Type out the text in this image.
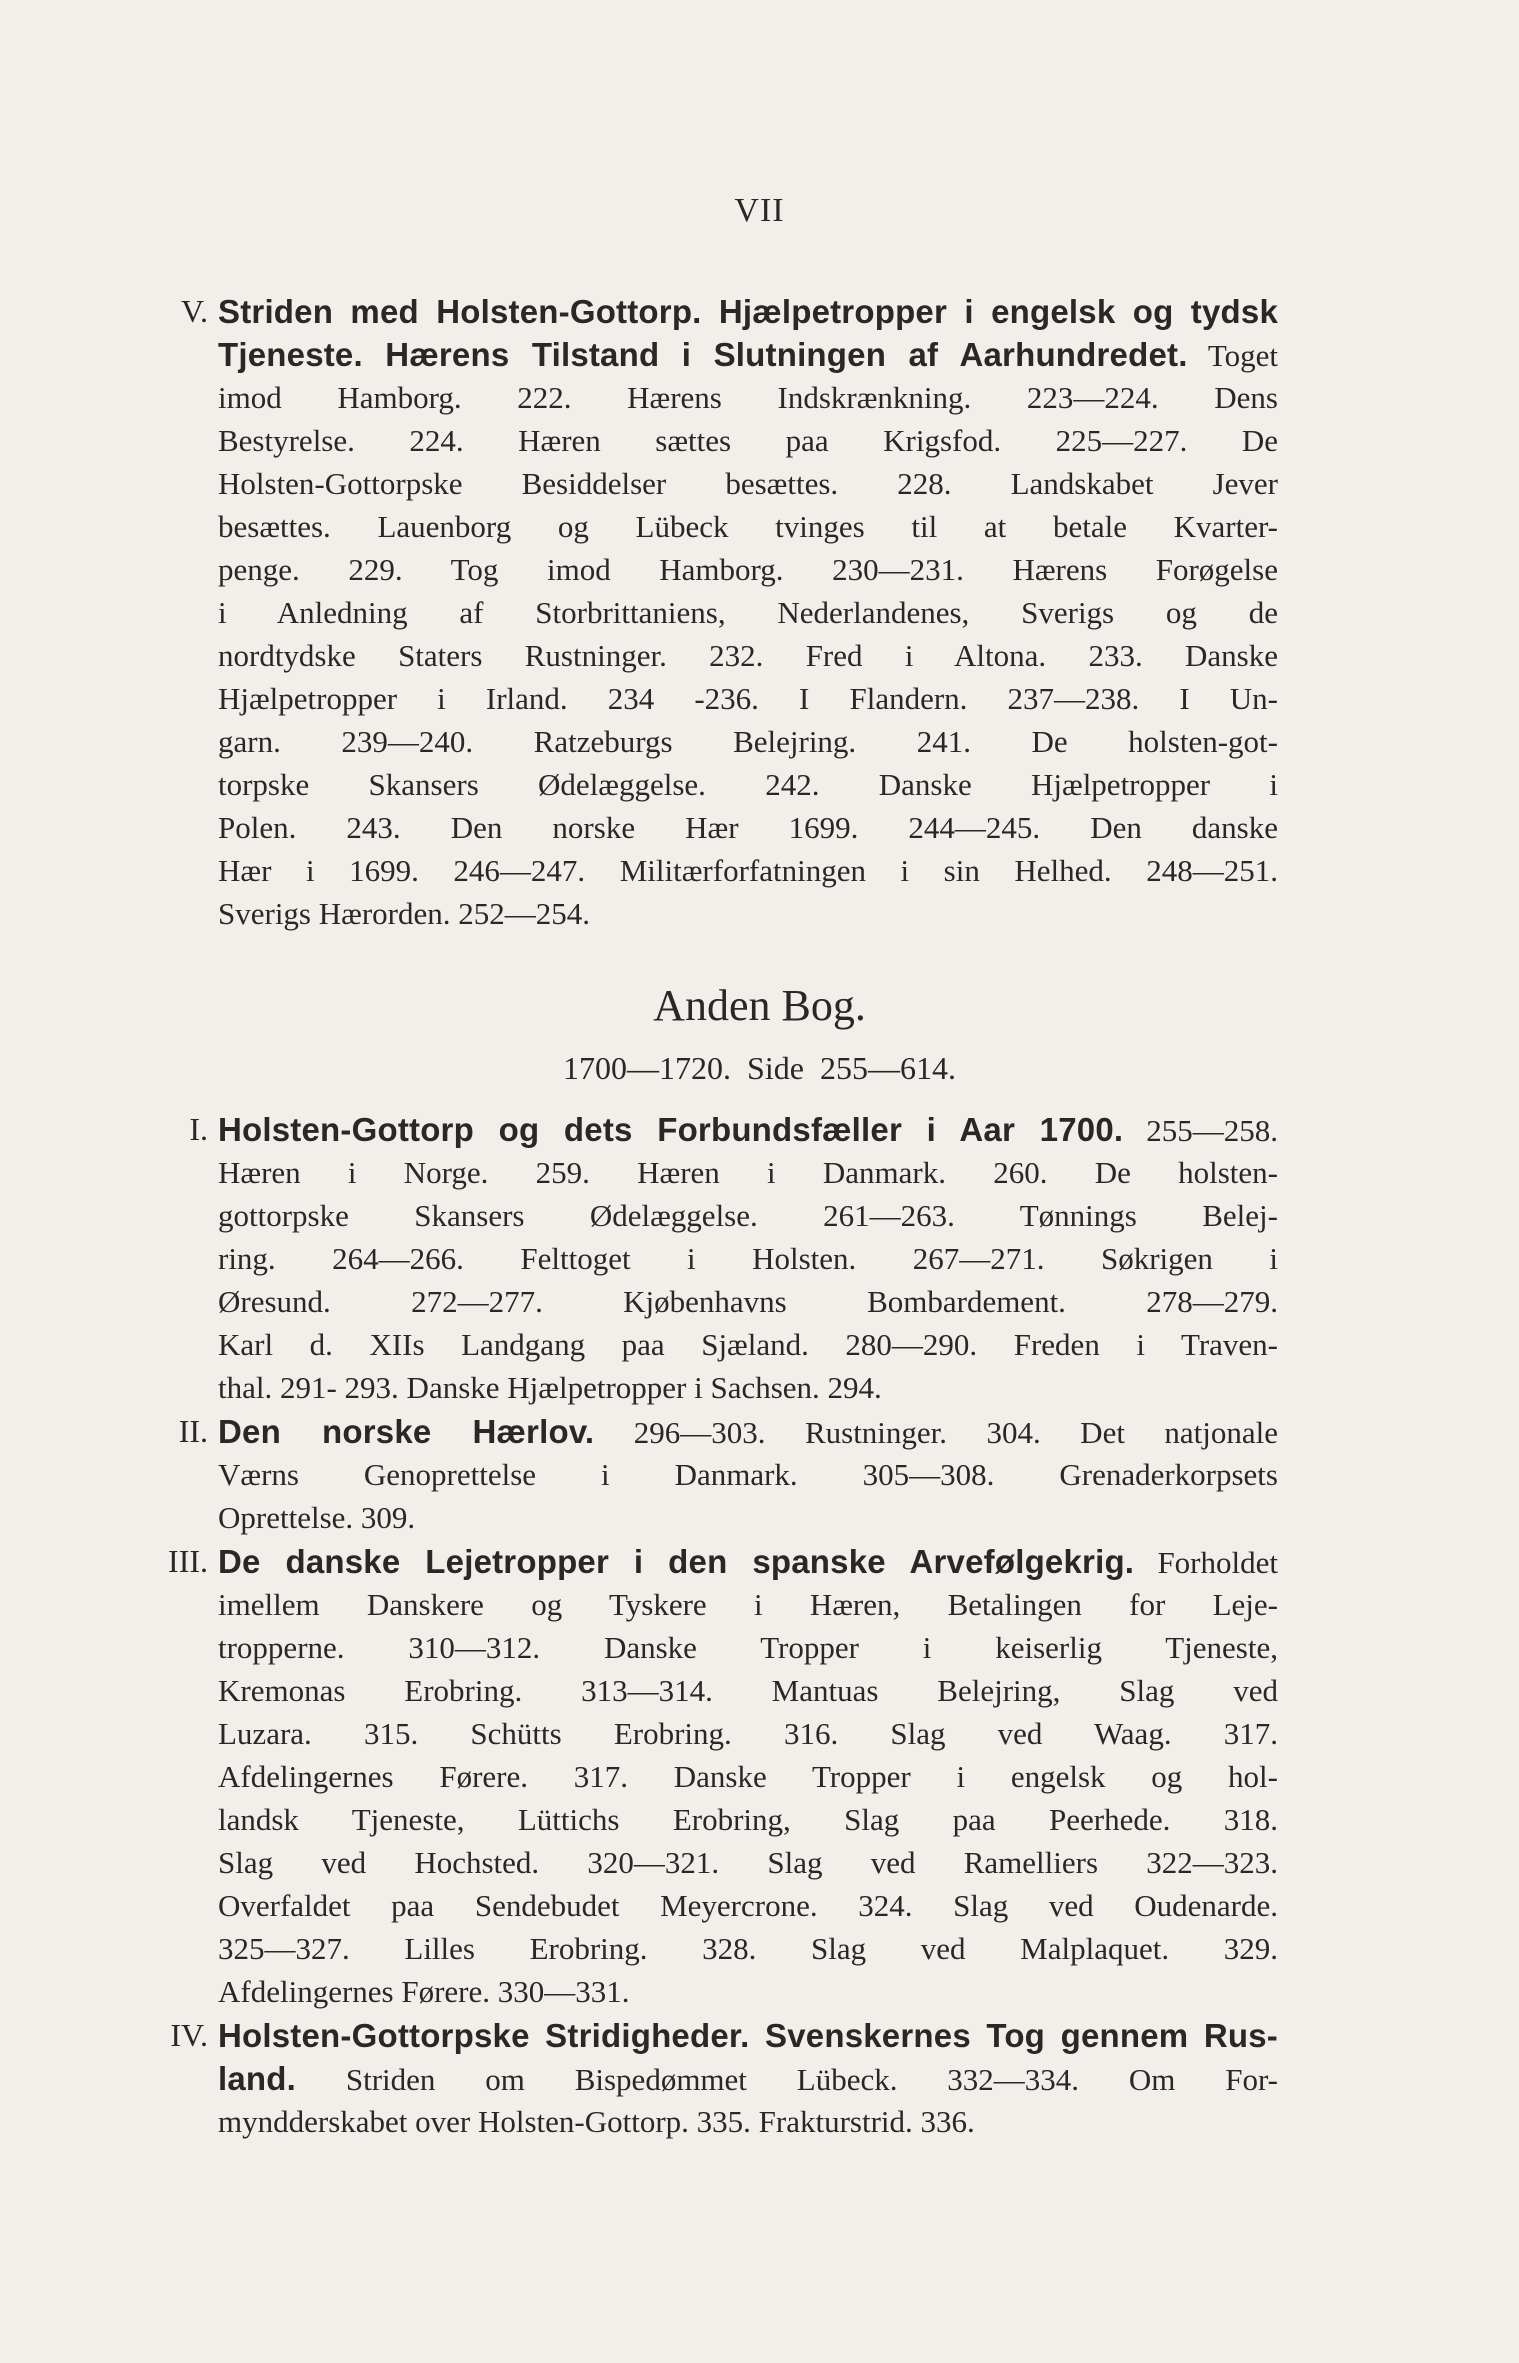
VII
V. Striden med Holsten-Gottorp. Hjælpetropper i engelsk og tydsk
Tjeneste. Hærens Tilstand i Slutningen af Aarhundredet. Toget
imod Hamborg. 222. Hærens Indskrænkning. 223—224. Dens
Bestyrelse. 224. Hæren sættes paa Krigsfod. 225—227. De
Holsten-Gottorpske Besiddelser besættes. 228. Landskabet Jever
besættes. Lauenborg og Lübeck tvinges til at betale Kvarter-
penge. 229. Tog imod Hamborg. 230—231. Hærens Forøgelse
i Anledning af Storbrittaniens, Nederlandenes, Sverigs og de
nordtydske Staters Rustninger. 232. Fred i Altona. 233. Danske
Hjælpetropper i Irland. 234 -236. I Flandern. 237—238. I Un-
garn. 239—240. Ratzeburgs Belejring. 241. De holsten-got-
torpske Skansers Ødelæggelse. 242. Danske Hjælpetropper i
Polen. 243. Den norske Hær 1699. 244—245. Den danske
Hær i 1699. 246—247. Militærforfatningen i sin Helhed. 248—251.
Sverigs Hærorden. 252—254.
Anden Bog.
1700—1720. Side 255—614.
I. Holsten-Gottorp og dets Forbundsfæller i Aar 1700. 255—258.
Hæren i Norge. 259. Hæren i Danmark. 260. De holsten-
gottorpske Skansers Ødelæggelse. 261—263. Tønnings Belej-
ring. 264—266. Felttoget i Holsten. 267—271. Søkrigen i
Øresund. 272—277. Kjøbenhavns Bombardement. 278—279.
Karl d. XIIs Landgang paa Sjæland. 280—290. Freden i Traven-
thal. 291- 293. Danske Hjælpetropper i Sachsen. 294.
II. Den norske Hærlov. 296—303. Rustninger. 304. Det natjonale
Værns Genoprettelse i Danmark. 305—308. Grenaderkorpsets
Oprettelse. 309.
III. De danske Lejetropper i den spanske Arvefølgekrig. Forholdet
imellem Danskere og Tyskere i Hæren, Betalingen for Leje-
tropperne. 310—312. Danske Tropper i keiserlig Tjeneste,
Kremonas Erobring. 313—314. Mantuas Belejring, Slag ved
Luzara. 315. Schütts Erobring. 316. Slag ved Waag. 317.
Afdelingernes Førere. 317. Danske Tropper i engelsk og hol-
landsk Tjeneste, Lüttichs Erobring, Slag paa Peerhede. 318.
Slag ved Hochsted. 320—321. Slag ved Ramelliers 322—323.
Overfaldet paa Sendebudet Meyercrone. 324. Slag ved Oudenarde.
325—327. Lilles Erobring. 328. Slag ved Malplaquet. 329.
Afdelingernes Førere. 330—331.
IV. Holsten-Gottorpske Stridigheder. Svenskernes Tog gennem Rus-
land. Striden om Bispedømmet Lübeck. 332—334. Om For-
myndderskabet over Holsten-Gottorp. 335. Frakturstrid. 336.
